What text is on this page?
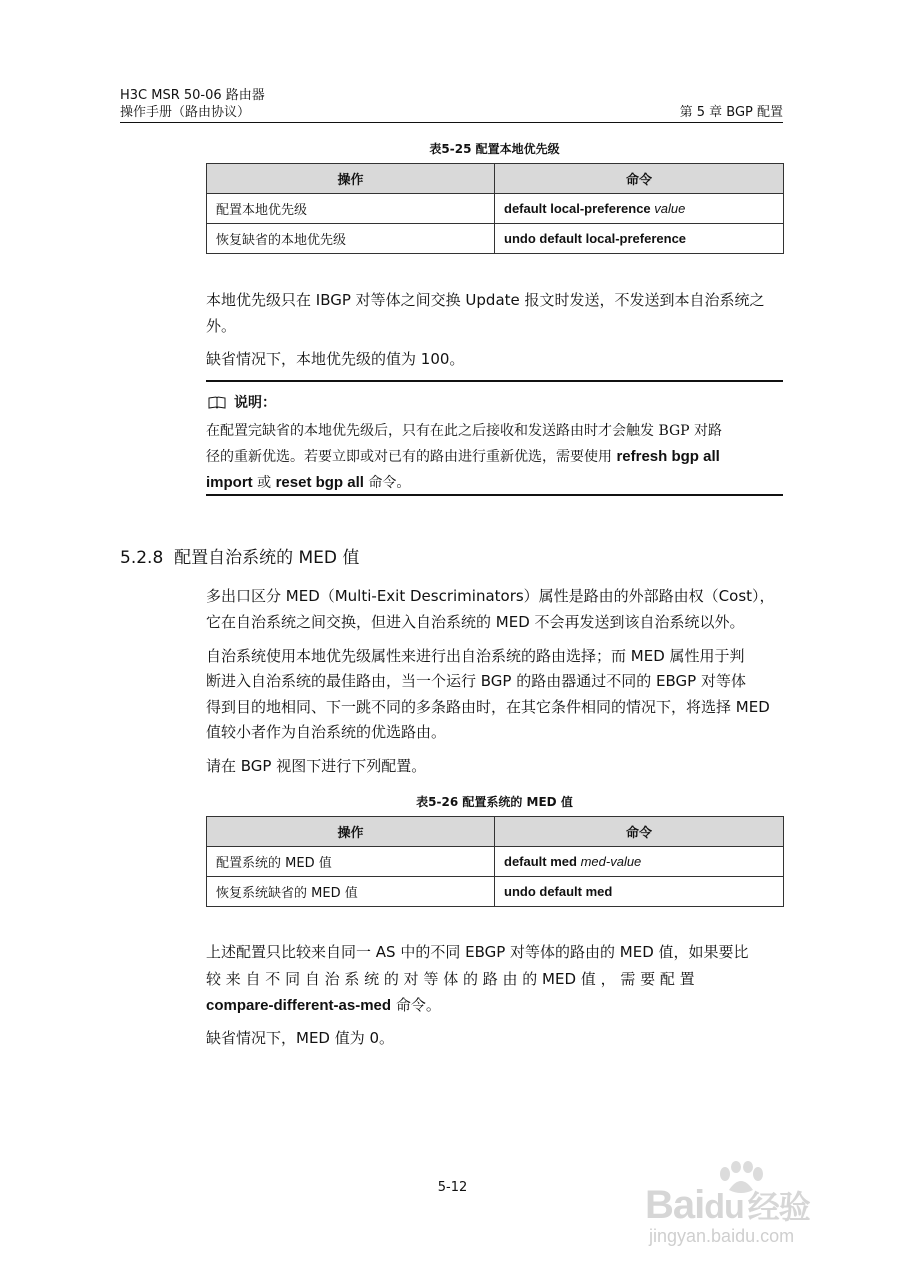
H3C MSR 50-06 路由器
操作手册（路由协议）	第 5 章 BGP 配置
表5-25 配置本地优先级
操作	命令
配置本地优先级	default local-preference value
恢复缺省的本地优先级	undo default local-preference
本地优先级只在 IBGP 对等体之间交换 Update 报文时发送，不发送到本自治系统之
外。
缺省情况下，本地优先级的值为 100。
说明：
在配置完缺省的本地优先级后，只有在此之后接收和发送路由时才会触发 BGP 对路
径的重新优选。若要立即或对已有的路由进行重新优选，需要使用 refresh bgp all
import 或 reset bgp all 命令。
5.2.8 配置自治系统的 MED 值
多出口区分 MED（Multi-Exit Descriminators）属性是路由的外部路由权（Cost），
它在自治系统之间交换，但进入自治系统的 MED 不会再发送到该自治系统以外。
自治系统使用本地优先级属性来进行出自治系统的路由选择；而 MED 属性用于判
断进入自治系统的最佳路由，当一个运行 BGP 的路由器通过不同的 EBGP 对等体
得到目的地相同、下一跳不同的多条路由时，在其它条件相同的情况下，将选择 MED
值较小者作为自治系统的优选路由。
请在 BGP 视图下进行下列配置。
表5-26 配置系统的 MED 值
操作	命令
配置系统的 MED 值	default med med-value
恢复系统缺省的 MED 值	undo default med
上述配置只比较来自同一 AS 中的不同 EBGP 对等体的路由的 MED 值，如果要比
较 来 自 不 同 自 治 系 统 的 对 等 体 的 路 由 的 MED 值 ， 需 要 配 置
compare-different-as-med 命令。
缺省情况下，MED 值为 0。
5-12	Baidu 经验
jingyan.baidu.com
